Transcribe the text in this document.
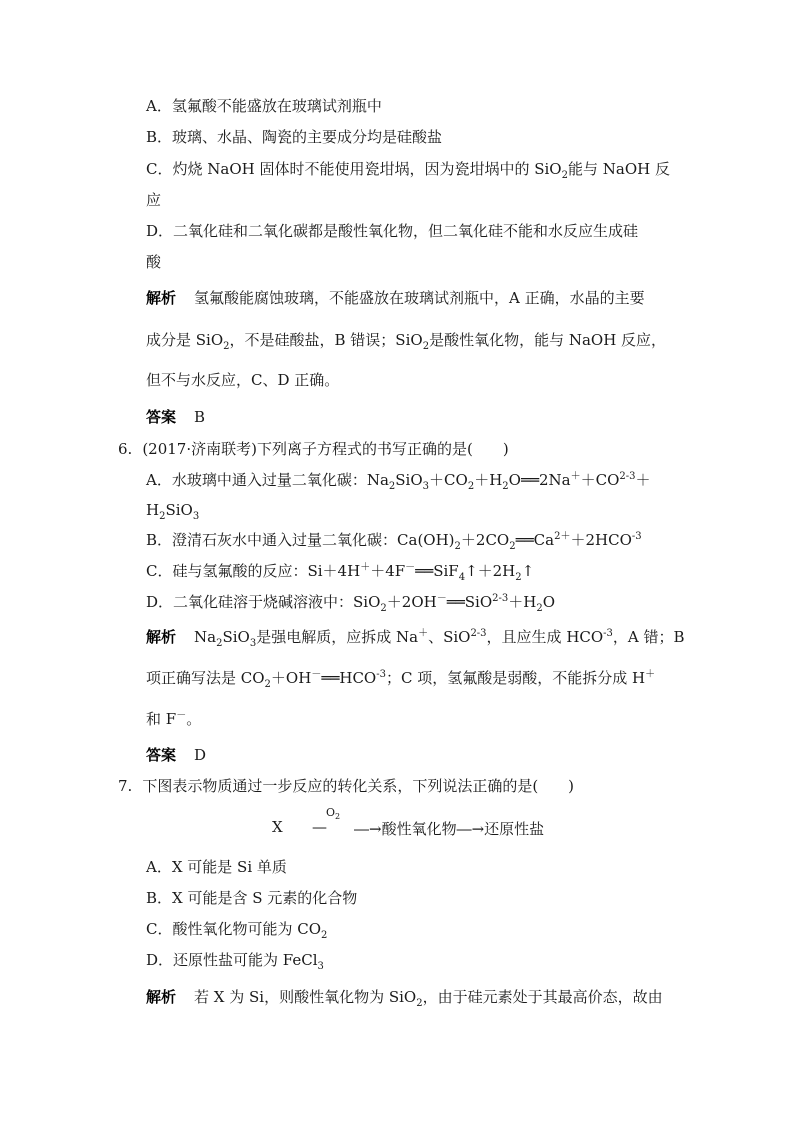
A．氢氟酸不能盛放在玻璃试剂瓶中
B．玻璃、水晶、陶瓷的主要成分均是硅酸盐
C．灼烧 NaOH 固体时不能使用瓷坩埚，因为瓷坩埚中的 SiO$_2$能与 NaOH 反
应
D．二氧化硅和二氧化碳都是酸性氧化物，但二氧化硅不能和水反应生成硅
酸
解析 氢氟酸能腐蚀玻璃，不能盛放在玻璃试剂瓶中，A 正确，水晶的主要
成分是 SiO$_2$，不是硅酸盐，B 错误；SiO$_2$是酸性氧化物，能与 NaOH 反应，
但不与水反应，C、D 正确。
答案 B
6. (2017·济南联考)下列离子方程式的书写正确的是(　　)
A．水玻璃中通入过量二氧化碳：$Na_2SiO_3+CO_2+H_2O══2Na^++CO^{2-3}+$
$H_2SiO_3$
B．澄清石灰水中通入过量二氧化碳：$Ca(OH)_2+2CO_2══Ca^{2+}+2HCO^{-3}$
C．硅与氢氟酸的反应：$Si+4H^++4F^-══SiF_4↑+2H_2↑$
D．二氧化硅溶于烧碱溶液中：$SiO_2+2OH^-══SiO^{2-3}+H_2O$
解析 $Na_2SiO_3$是强电解质，应拆成 Na＋、SiO$^{2-3}$，且应生成 $HCO^{-3}$，A 错；B
项正确写法是 $CO_2+OH^-══HCO^{-3}$；C 项，氢氟酸是弱酸，不能拆分成 H＋
和 F－。
答案 D
7. 下图表示物质通过一步反应的转化关系，下列说法正确的是(　　)
X —
$O_2$
―→酸性氧化物―→还原性盐
A．X 可能是 Si 单质
B．X 可能是含 S 元素的化合物
C．酸性氧化物可能为 $CO_2$
D．还原性盐可能为 FeCl$_3$
解析 若 X 为 Si，则酸性氧化物为 SiO$_2$，由于硅元素处于其最高价态，故由
